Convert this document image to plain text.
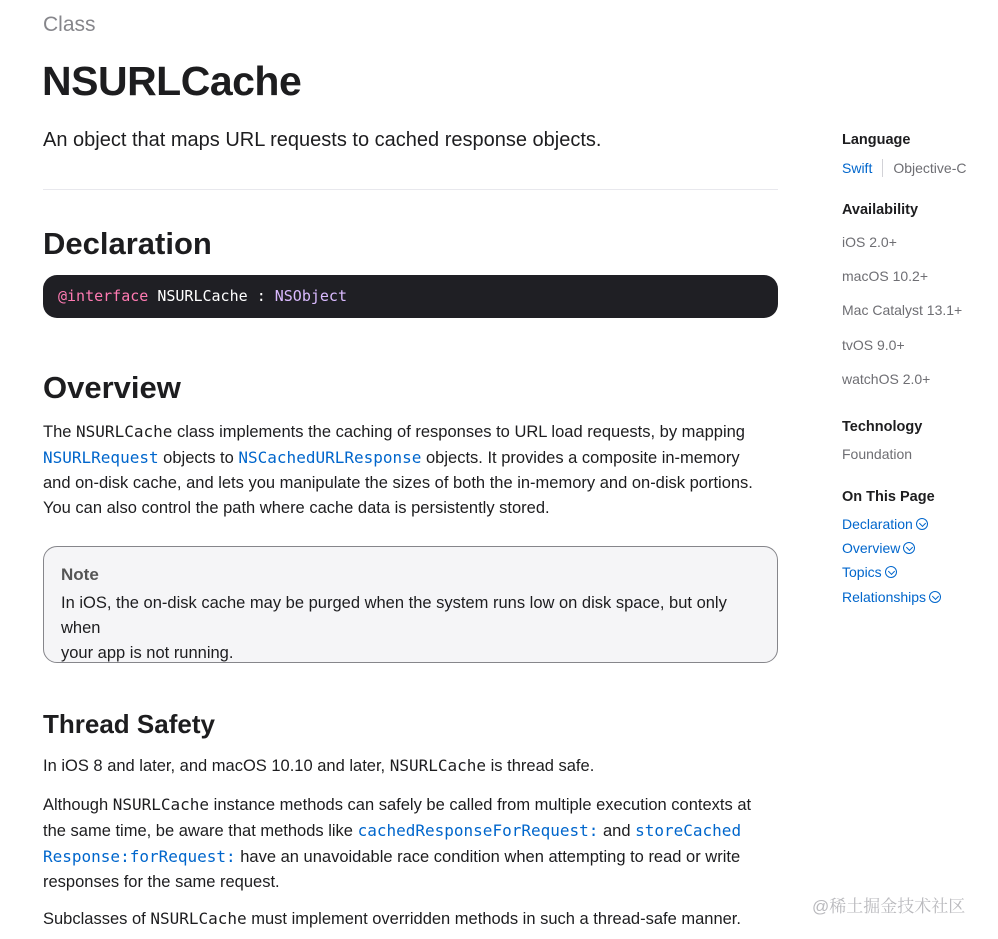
Class
NSURLCache

An object that maps URL requests to cached response objects.

Declaration
@interface NSURLCache : NSObject
Overview

The NSURLCache class implements the caching of responses to URL load requests, by mapping
NSURLRequest objects to NSCachedURLResponse objects. It provides a composite in-memory
and on-disk cache, and lets you manipulate the sizes of both the in-memory and on-disk portions.
You can also control the path where cache data is persistently stored.

Note

In iOS, the on-disk cache may be purged when the system runs low on disk space, but only when
your app is not running.

Thread Safety

In iOS 8 and later, and macOS 10.10 and later, NSURLCache is thread safe.

Although NSURLCache instance methods can safely be called from multiple execution contexts at
the same time, be aware that methods like cachedResponseForRequest: and storeCached
Response:forRequest: have an unavoidable race condition when attempting to read or write
responses for the same request.

Subclasses of NSURLCache must implement overridden methods in such a thread-safe manner.

Language
Swift Objective-C
Availability
iOS 2.0+
macOS 10.2+
Mac Catalyst 13.1+
tvOS 9.0+
watchOS 2.0+
Technology
Foundation
On This Page
Declaration
Overview
Topics
Relationships
@稀土掘金技术社区
